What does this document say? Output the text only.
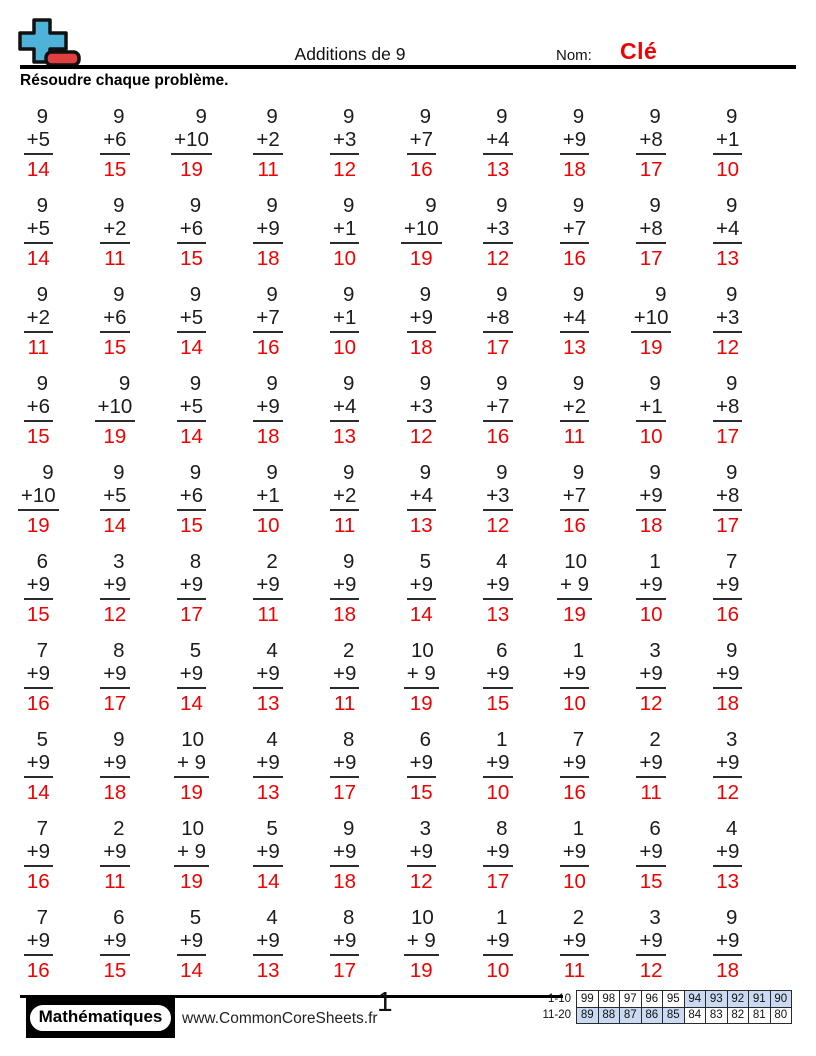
Additions de 9	Nom: Clé
Résoudre chaque problème.
9
+5
14
9
+6
15
9
+10
19
9
+2
11
9
+3
12
9
+7
16
9
+4
13
9
+9
18
9
+8
17
9
+1
10
9
+5
14
9
+2
11
9
+6
15
9
+9
18
9
+1
10
9
+10
19
9
+3
12
9
+7
16
9
+8
17
9
+4
13
9
+2
11
9
+6
15
9
+5
14
9
+7
16
9
+1
10
9
+9
18
9
+8
17
9
+4
13
9
+10
19
9
+3
12
9
+6
15
9
+10
19
9
+5
14
9
+9
18
9
+4
13
9
+3
12
9
+7
16
9
+2
11
9
+1
10
9
+8
17
9
+10
19
9
+5
14
9
+6
15
9
+1
10
9
+2
11
9
+4
13
9
+3
12
9
+7
16
9
+9
18
9
+8
17
6
+9
15
3
+9
12
8
+9
17
2
+9
11
9
+9
18
5
+9
14
4
+9
13
10
+ 9
19
1
+9
10
7
+9
16
7
+9
16
8
+9
17
5
+9
14
4
+9
13
2
+9
11
10
+ 9
19
6
+9
15
1
+9
10
3
+9
12
9
+9
18
5
+9
14
9
+9
18
10
+ 9
19
4
+9
13
8
+9
17
6
+9
15
1
+9
10
7
+9
16
2
+9
11
3
+9
12
7
+9
16
2
+9
11
10
+ 9
19
5
+9
14
9
+9
18
3
+9
12
8
+9
17
1
+9
10
6
+9
15
4
+9
13
7
+9
16
6
+9
15
5
+9
14
4
+9
13
8
+9
17
10
+ 9
19
1
+9
10
2
+9
11
3
+9
12
9
+9
18
Mathématiques	www.CommonCoreSheets.fr
1	1-10	99	98	97	96	95	94	93	92	91	90
11-20	89	88	87	86	85	84	83	82	81	80
